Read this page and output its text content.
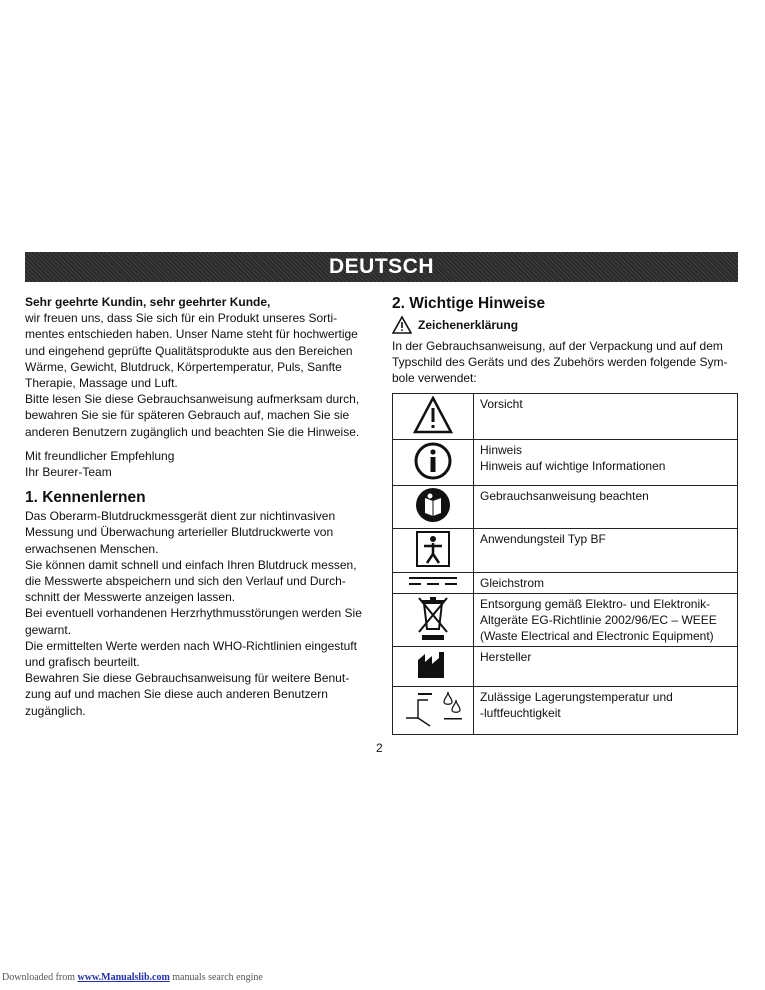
DEUTSCH

Sehr geehrte Kundin, sehr geehrter Kunde,

wir freuen uns, dass Sie sich für ein Produkt unseres Sorti-

mentes entschieden haben. Unser Name steht für hochwertige

und eingehend geprüfte Qualitätsprodukte aus den Bereichen

Wärme, Gewicht, Blutdruck, Körpertemperatur, Puls, Sanfte

Therapie, Massage und Luft.

Bitte lesen Sie diese Gebrauchsanweisung aufmerksam durch,

bewahren Sie sie für späteren Gebrauch auf, machen Sie sie

anderen Benutzern zugänglich und beachten Sie die Hinweise.

Mit freundlicher Empfehlung

Ihr Beurer-Team

1. Kennenlernen

Das Oberarm-Blutdruckmessgerät dient zur nichtinvasiven

Messung und Überwachung arterieller Blutdruckwerte von

erwachsenen Menschen.

Sie können damit schnell und einfach Ihren Blutdruck messen,

die Messwerte abspeichern und sich den Verlauf und Durch-

schnitt der Messwerte anzeigen lassen.

Bei eventuell vorhandenen Herzrhythmusstörungen werden Sie

gewarnt.

Die ermittelten Werte werden nach WHO-Richtlinien eingestuft

und grafisch beurteilt.

Bewahren Sie diese Gebrauchsanweisung für weitere Benut-

zung auf und machen Sie diese auch anderen Benutzern

zugänglich.

2. Wichtige Hinweise
Zeichenerklärung

In der Gebrauchsanweisung, auf der Verpackung und auf dem

Typschild des Geräts und des Zubehörs werden folgende Sym-

bole verwendet:

Vorsicht

Hinweis
Hinweis auf wichtige Informationen

Gebrauchsanweisung beachten

Anwendungsteil Typ BF

Gleichstrom

Entsorgung gemäß Elektro- und Elektronik-
Altgeräte EG-Richtlinie 2002/96/EC – WEEE
(Waste Electrical and Electronic Equipment)

Hersteller

Zulässige Lagerungstemperatur und
-luftfeuchtigkeit
2
Downloaded from www.Manualslib.com manuals search engine
